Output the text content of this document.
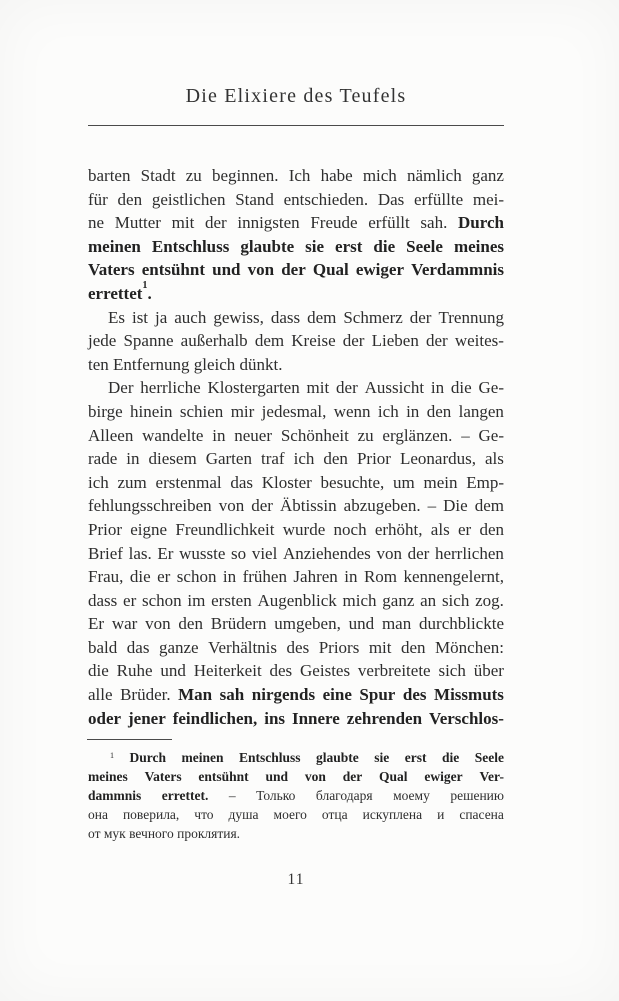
Die Elixiere des Teufels
barten Stadt zu beginnen. Ich habe mich nämlich ganz
für den geistlichen Stand entschieden. Das erfüllte mei-
ne Mutter mit der innigsten Freude erfüllt sah. Durch
meinen Entschluss glaubte sie erst die Seele meines
Vaters entsühnt und von der Qual ewiger Verdammnis
errettet$^1$.
Es ist ja auch gewiss, dass dem Schmerz der Trennung
jede Spanne außerhalb dem Kreise der Lieben der weites-
ten Entfernung gleich dünkt.
Der herrliche Klostergarten mit der Aussicht in die Ge-
birge hinein schien mir jedesmal, wenn ich in den langen
Alleen wandelte in neuer Schönheit zu erglänzen. – Ge-
rade in diesem Garten traf ich den Prior Leonardus, als
ich zum erstenmal das Kloster besuchte, um mein Emp-
fehlungsschreiben von der Äbtissin abzugeben. – Die dem
Prior eigne Freundlichkeit wurde noch erhöht, als er den
Brief las. Er wusste so viel Anziehendes von der herrlichen
Frau, die er schon in frühen Jahren in Rom kennengelernt,
dass er schon im ersten Augenblick mich ganz an sich zog.
Er war von den Brüdern umgeben, und man durchblickte
bald das ganze Verhältnis des Priors mit den Mönchen:
die Ruhe und Heiterkeit des Geistes verbreitete sich über
alle Brüder. Man sah nirgends eine Spur des Missmuts
oder jener feindlichen, ins Innere zehrenden Verschlos-
$^1$ Durch meinen Entschluss glaubte sie erst die Seele
meines Vaters entsühnt und von der Qual ewiger Ver-
dammnis errettet. – Только благодаря моему решению
она поверила, что душа моего отца искуплена и спасена
от мук вечного проклятия.
11
